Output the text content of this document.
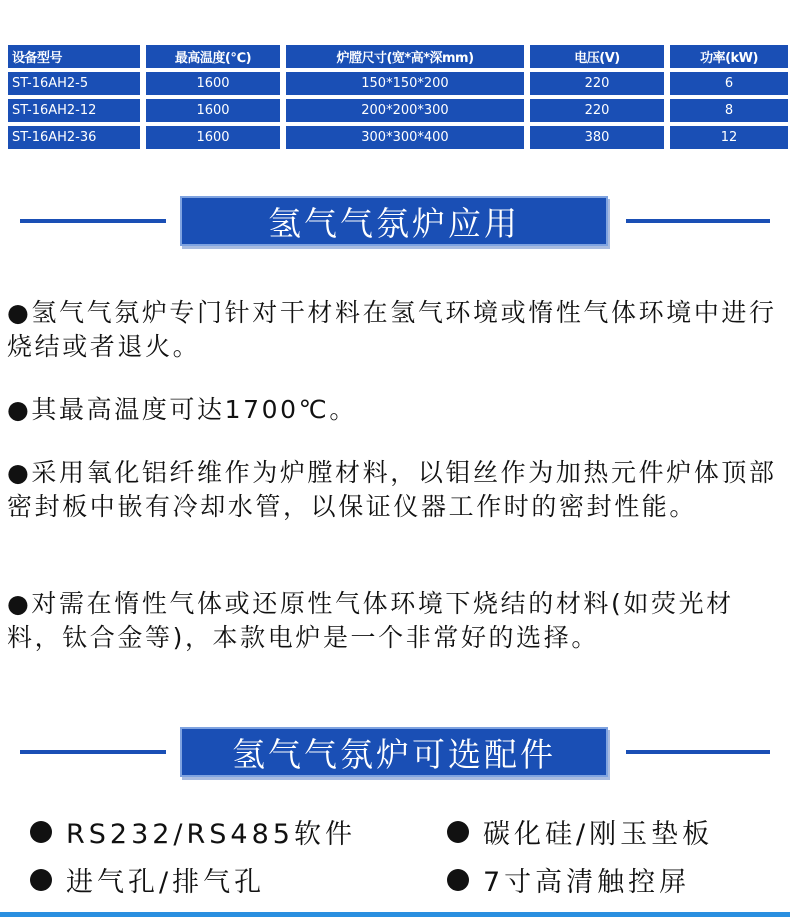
设备型号	最高温度(℃)	炉膛尺寸(宽*高*深mm)	电压(V)	功率(kW)
ST-16AH2-5	1600	150*150*200	220	6
ST-16AH2-12	1600	200*200*300	220	8
ST-16AH2-36	1600	300*300*400	380	12
氢气气氛炉应用
●氢气气氛炉专门针对干材料在氢气环境或惰性气体环境中进行烧结或者退火。
●其最高温度可达1700℃。
●采用氧化铝纤维作为炉膛材料，以钼丝作为加热元件炉体顶部密封板中嵌有冷却水管，以保证仪器工作时的密封性能。
●对需在惰性气体或还原性气体环境下烧结的材料(如荧光材料，钛合金等)，本款电炉是一个非常好的选择。
氢气气氛炉可选配件
RS232/RS485软件	碳化硅/刚玉垫板
进气孔/排气孔	7寸高清触控屏
